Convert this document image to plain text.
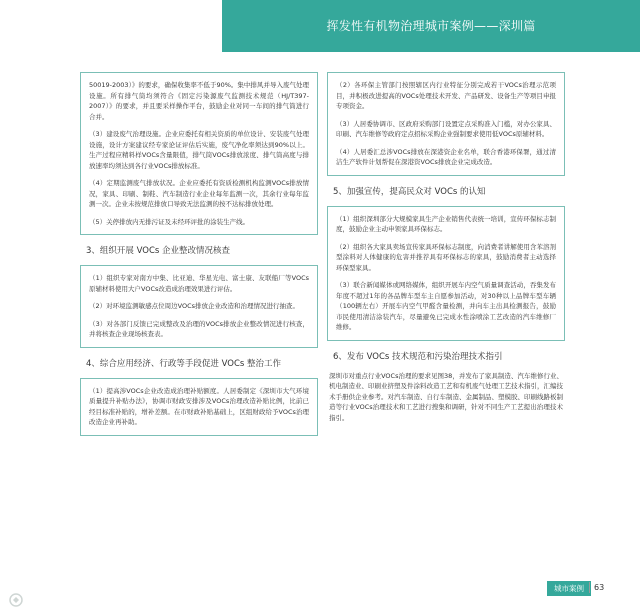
挥发性有机物治理城市案例——深圳篇
50019-2003）》的要求，确保收集率不低于90%。集中排风并导入废气处理设施。所有排气筒均须符合《固定污染源废气监测技术规范（HJ/T397-2007）》的要求，并且要采样操作平台，鼓励企业对同一车间的排气筒进行合并。
（3）建设废气治理设施。企业应委托有相关资质的单位设计、安装废气处理设施，设计方案建议经专家论证评估后实施，废气净化率须达到90%以上。生产过程应精料样VOCs含量限值，排气筒VOCs排放浓度、排气筒高度与排放速率均须达到各行业VOCs排放标准。
（4）定期监测废气排放状况。企业应委托有资质检测机构监测VOCs排放情况，家具、印刷、制鞋、汽车制造行业企业每年监测一次，其余行业每年监测一次。企业未按规范排放口导致无法监测的按不达标排放处理。
（5）关停排放内无排污证及未经环评批的涂装生产线。
3、组织开展 VOCs 企业整改情况核查
（1）组织专家对南方中集、比亚迪、华星光电、富士康、友联船厂等VOCs原辅材料使用大户VOCs改造成治理效果进行评估。
（2）对环境监测敏感点位周边VOCs排放企业改造和治理情况进行抽查。
（3）对各部门反馈已完成整改及治理的VOCs排放企业整改情况进行核查，并将核查企业现场核查表。
4、综合应用经济、行政等手段促进 VOCs 整治工作
（1）提高涉VOCs企业改造成治理补贴额度。人居委制定《深圳市大气环境质量提升补贴办法》，协调市财政安排涉及VOCs治理改造补贴比例，比前已经目标准补贴的，增补差额。在市财政补贴基础上，区组财政给予VOCs治理改造企业再补助。
（2）各环保主管部门按照辖区内行业特征分别完成若干VOCs治理示范项目，并积极改进提高的VOCs处理技术开发、产品研发、设备生产等项目申报专项资金。
（3）人居委协调市、区政府采购部门设置定点采购准入门槛，对办公家具、印刷、汽车维修等政府定点招标采购企业强制要求使用低VOCs原辅材料。
（4）人居委汇总涉VOCs排放在深港资企业名单，联合香港环保署，通过清洁生产软件计划帮促在深港资VOCs排放企业完成改造。
5、加强宣传，提高民众对 VOCs 的认知
（1）组织深圳部分大规模家具生产企业销售代表统一培训，宣传环保标志制度，鼓励企业主动申领家具环保标志。
（2）组织各大家具卖场宣传家具环保标志制度，向消费者讲解使用含苯溶剂型涂料对人体健康的危害并推荐具有环保标志的家具，鼓励消费者主动选择环保型家具。
（3）联合新闻媒体或网络媒体，组织开展车内空气质量调查活动，吞集发布年度不超过1年的各品牌车型车主自愿参加活动，对30种以上品牌车型车辆（100辆左右）开展车内空气甲醛含量检测，并向车主出具检测报告，鼓励市民使用清洁涂装汽车，尽量避免已完成水性涂喷涂工艺改造的汽车维修厂维修。
6、发布 VOCs 技术规范和污染治理技术指引
深圳市对重点行业VOCs治理的要求见图38，并发布了家具制造、汽车维修行业、机电制造业、印刷业挤塑及件涂料改造工艺和有机废气处理工艺技术指引，汇编技术手册供企业参考。对汽车制造、自行车制造、金属制品、塑模胶、印刷线路板制造等行业VOCs治理技术和工艺进行搜集和调研，针对不同生产工艺提出治理技术指引。
城市案例	63
